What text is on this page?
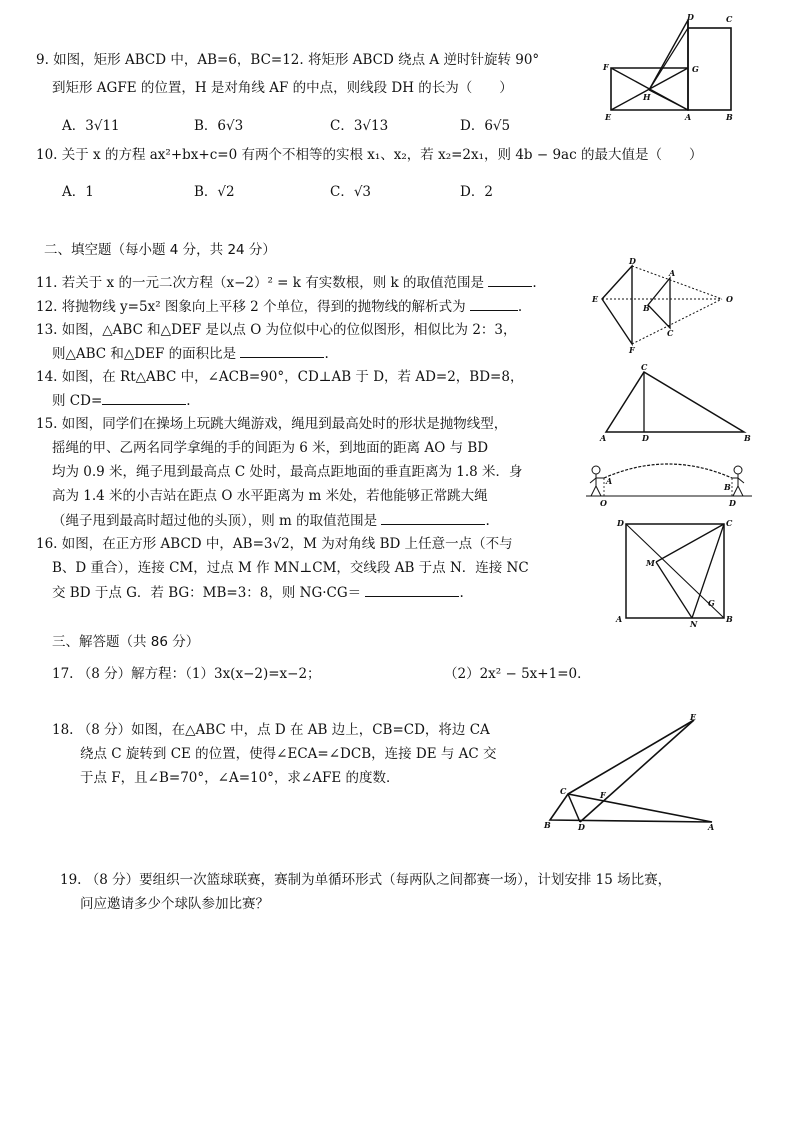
9. 如图，矩形 ABCD 中，AB=6，BC=12. 将矩形 ABCD 绕点 A 逆时针旋转 90°
到矩形 AGFE 的位置，H 是对角线 AF 的中点，则线段 DH 的长为（　　）
A．3√11	B．6√3	C．3√13	D．6√5
D	C
F	G
H
E	A	B
10. 关于 x 的方程 ax²+bx+c=0 有两个不相等的实根 x₁、x₂，若 x₂=2x₁，则 4b − 9ac 的最大值是（　　）
A．1	B．√2	C．√3	D．2
二、填空题（每小题 4 分，共 24 分）
11. 若关于 x 的一元二次方程（x−2）² = k 有实数根，则 k 的取值范围是	.
12. 将抛物线 y=5x² 图象向上平移 2 个单位，得到的抛物线的解析式为	.
13. 如图，△ABC 和△DEF 是以点 O 为位似中心的位似图形，相似比为 2：3，
则△ABC 和△DEF 的面积比是	.
D
A
E
B
O
C
F
14. 如图，在 Rt△ABC 中，∠ACB=90°，CD⊥AB 于 D，若 AD=2，BD=8，
则 CD=	.
C
A	D	B
15. 如图，同学们在操场上玩跳大绳游戏，绳甩到最高处时的形状是抛物线型，
摇绳的甲、乙两名同学拿绳的手的间距为 6 米，到地面的距离 AO 与 BD
均为 0.9 米，绳子甩到最高点 C 处时，最高点距地面的垂直距离为 1.8 米．身
高为 1.4 米的小吉站在距点 O 水平距离为 m 米处，若他能够正常跳大绳
（绳子甩到最高时超过他的头顶），则 m 的取值范围是	.
A
B
O	D
16. 如图，在正方形 ABCD 中，AB=3√2，M 为对角线 BD 上任意一点（不与
B、D 重合），连接 CM，过点 M 作 MN⊥CM，交线段 AB 于点 N．连接 NC
交 BD 于点 G．若 BG：MB=3：8，则 NG·CG＝	.
D	C
M
G
A	N	B
三、解答题（共 86 分）
17. （8 分）解方程：（1）3x(x−2)=x−2；	（2）2x² − 5x+1=0．
18. （8 分）如图，在△ABC 中，点 D 在 AB 边上，CB=CD，将边 CA
绕点 C 旋转到 CE 的位置，使得∠ECA=∠DCB，连接 DE 与 AC 交
于点 F，且∠B=70°，∠A=10°，求∠AFE 的度数．
E
C	F
B	D	A
19. （8 分）要组织一次篮球联赛，赛制为单循环形式（每两队之间都赛一场），计划安排 15 场比赛，
问应邀请多少个球队参加比赛？
